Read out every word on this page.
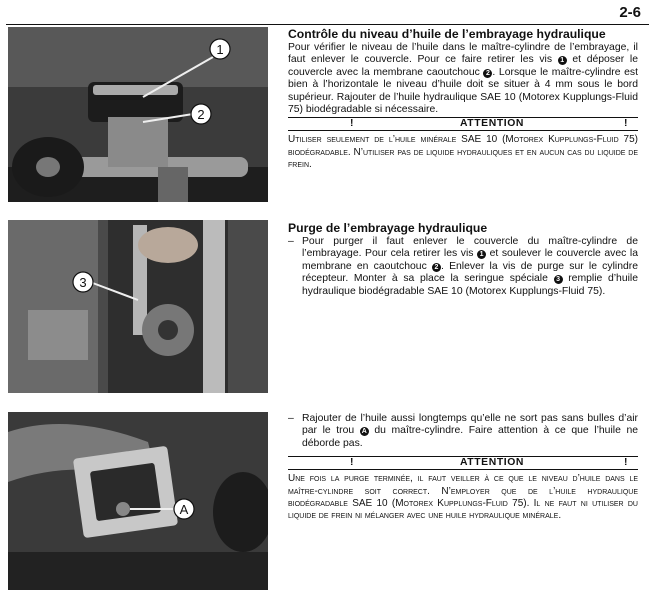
2-6
1
2
3
A
Contrôle du niveau d’huile de l’embrayage hydraulique

Pour vérifier le niveau de l’huile dans le maître-cylindre de l’embrayage, il faut enlever le couvercle. Pour ce faire retirer les vis 1 et déposer le couvercle avec la membrane caoutchouc 2 . Lorsque le maître-cylindre est bien à l’horizontale le niveau d’huile doit se situer à 4 mm sous le bord supérieur. Rajouter de l’huile hydraulique SAE 10 (Motorex Kupplungs-Fluid 75) biodégradable si nécessaire.

!	ATTENTION	!

Utiliser seulement de l’huile minérale SAE 10 (Motorex Kupplungs-Fluid 75) biodégradable. N’utiliser pas de liquide hydrauliques et en aucun cas du liquide de frein.

Purge de l’embrayage hydraulique
– Pour purger il faut enlever le couvercle du maître-cylindre de l’embrayage. Pour cela retirer les vis 1 et soulever le couvercle avec la membrane en caoutchouc 2 . Enlever la vis de purge sur le cylindre récepteur. Monter à sa place la seringue spéciale 3 remplie d’huile hydraulique biodégradable SAE 10 (Motorex Kupplungs-Fluid 75).
– Rajouter de l’huile aussi longtemps qu’elle ne sort pas sans bulles d’air par le trou A du maître-cylindre. Faire attention à ce que l’huile ne déborde pas.
!	ATTENTION	!

Une fois la purge terminée, il faut veiller à ce que le niveau d’huile dans le maître-cylindre soit correct. N’employer que de l’huile hydraulique biodégradable SAE 10 (Motorex Kupplungs-Fluid 75). Il ne faut ni utiliser du liquide de frein ni mélanger avec une huile hydraulique minérale.
